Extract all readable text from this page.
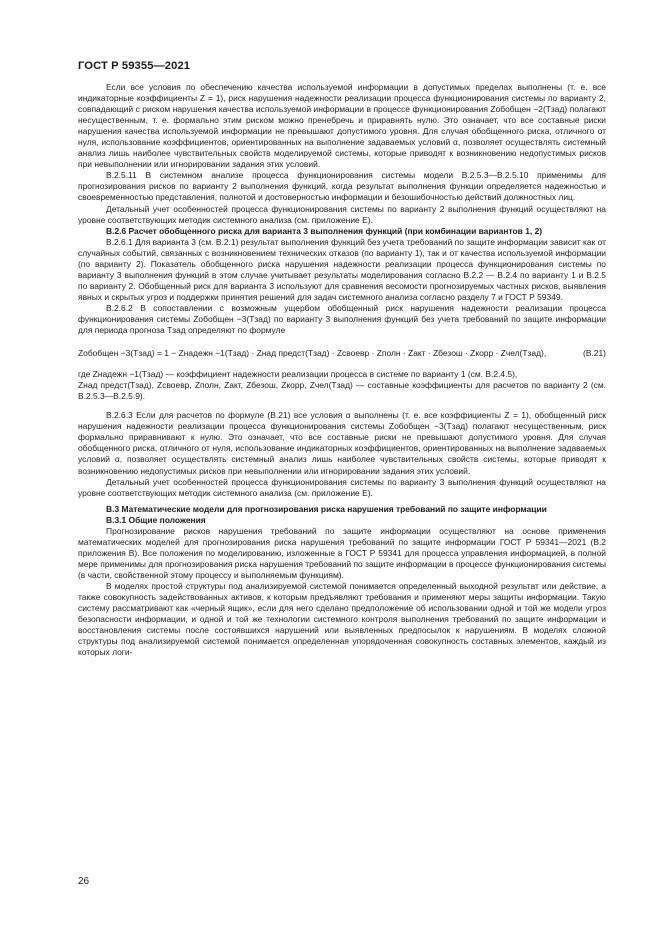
ГОСТ Р 59355—2021

Если все условия по обеспечению качества используемой информации в допустимых пределах выполнены (т. е. все индикаторные коэффициенты Z = 1), риск нарушения надежности реализации процесса функционирования системы по варианту 2, совпадающий с риском нарушения качества используемой информации в процессе функционирования Zобобщен −2(Tзад) полагают несущественным, т. е. формально этим риском можно пренебречь и приравнять нулю. Это означает, что все составные риски нарушения качества используемой информации не превышают допустимого уровня. Для случая обобщенного риска, отличного от нуля, использование коэффициентов, ориентированных на выполнение задаваемых условий α, позволяет осуществлять системный анализ лишь наиболее чувствительных свойств моделируемой системы, которые приводят к возникновению недопустимых рисков при невыполнении или игнорировании задания этих условий.

В.2.5.11 В системном анализе процесса функционирования системы модели В.2.5.3—В.2.5.10 применимы для прогнозирования рисков по варианту 2 выполнения функций, когда результат выполнения функции определяется надежностью и своевременностью представления, полнотой и достоверностью информации и безошибочностью действий должностных лиц.

Детальный учет особенностей процесса функционирования системы по варианту 2 выполнения функций осуществляют на уровне соответствующих методик системного анализа (см. приложение Е).

В.2.6 Расчет обобщенного риска для варианта 3 выполнения функций (при комбинации вариантов 1, 2)

В.2.6.1 Для варианта 3 (см. В.2.1) результат выполнения функций без учета требований по защите информации зависит как от случайных событий, связанных с возникновением технических отказов (по варианту 1), так и от качества используемой информации (по варианту 2). Показатель обобщенного риска нарушения надежности реализации процесса функционирования системы по варианту 3 выполнения функций в этом случае учитывает результаты моделирования согласно В.2.2 — В.2.4 по варианту 1 и В.2.5 по варианту 2. Обобщенный риск для варианта 3 используют для сравнения весомости прогнозируемых частных рисков, выявления явных и скрытых угроз и поддержки принятия решений для задач системного анализа согласно разделу 7 и ГОСТ Р 59349.

В.2.6.2 В сопоставлении с возможным ущербом обобщенный риск нарушения надежности реализации процесса функционирования системы Zобобщен −3(Tзад) по варианту 3 выполнения функций без учета требований по защите информации для периода прогноза Tзад определяют по формуле

Zобобщен −3(Tзад) = 1 − Zнадежн −1(Tзад) · Zнад предст(Tзад) · Zсвоевр · Zполн · Zакт · Zбезош · Zкорр · Zчел(Tзад),	(В.21)

где Zнадежн −1(Tзад) — коэффициент надежности реализации процесса в системе по варианту 1 (см. В.2.4.5),

Zнад предст(Tзад), Zсвоевр, Zполн, Zакт, Zбезош, Zкорр, Zчел(Tзад) — составные коэффициенты для расчетов по варианту 2 (см. В.2.5.3—В.2.5.9).

В.2.6.3 Если для расчетов по формуле (В.21) все условия α выполнены (т. е. все коэффициенты Z = 1), обобщенный риск нарушения надежности реализации процесса функционирования системы Zобобщен −3(Tзад) полагают несущественным, риск формально приравнивают к нулю. Это означает, что все составные риски не превышают допустимого уровня. Для случая обобщенного риска, отличного от нуля, использование индикаторных коэффициентов, ориентированных на выполнение задаваемых условий α, позволяет осуществлять системный анализ лишь наиболее чувствительных свойств системы, которые приводят к возникновению недопустимых рисков при невыполнении или игнорировании задания этих условий.

Детальный учет особенностей процесса функционирования системы по варианту 3 выполнения функций осуществляют на уровне соответствующих методик системного анализа (см. приложение Е).

В.3 Математические модели для прогнозирования риска нарушения требований по защите информации

В.3.1 Общие положения

Прогнозирование рисков нарушения требований по защите информации осуществляют на основе применения математических моделей для прогнозирования риска нарушения требований по защите информации ГОСТ Р 59341—2021 (В.2 приложения В). Все положения по моделированию, изложенные в ГОСТ Р 59341 для процесса управления информацией, в полной мере применимы для прогнозирования риска нарушения требований по защите информации в процессе функционирования системы (в части, свойственной этому процессу и выполняемым функциям).

В моделях простой структуры под анализируемой системой понимается определенный выходной результат или действие, а также совокупность задействованных активов, к которым предъявляют требования и применяют меры защиты информации. Такую систему рассматривают как «черный ящик», если для него сделано предположение об использовании одной и той же модели угроз безопасности информации, и одной и той же технологии системного контроля выполнения требований по защите информации и восстановления системы после состоявшихся нарушений или выявленных предпосылок к нарушениям. В моделях сложной структуры под анализируемой системой понимается определенная упорядоченная совокупность составных элементов, каждый из которых логи-

26
